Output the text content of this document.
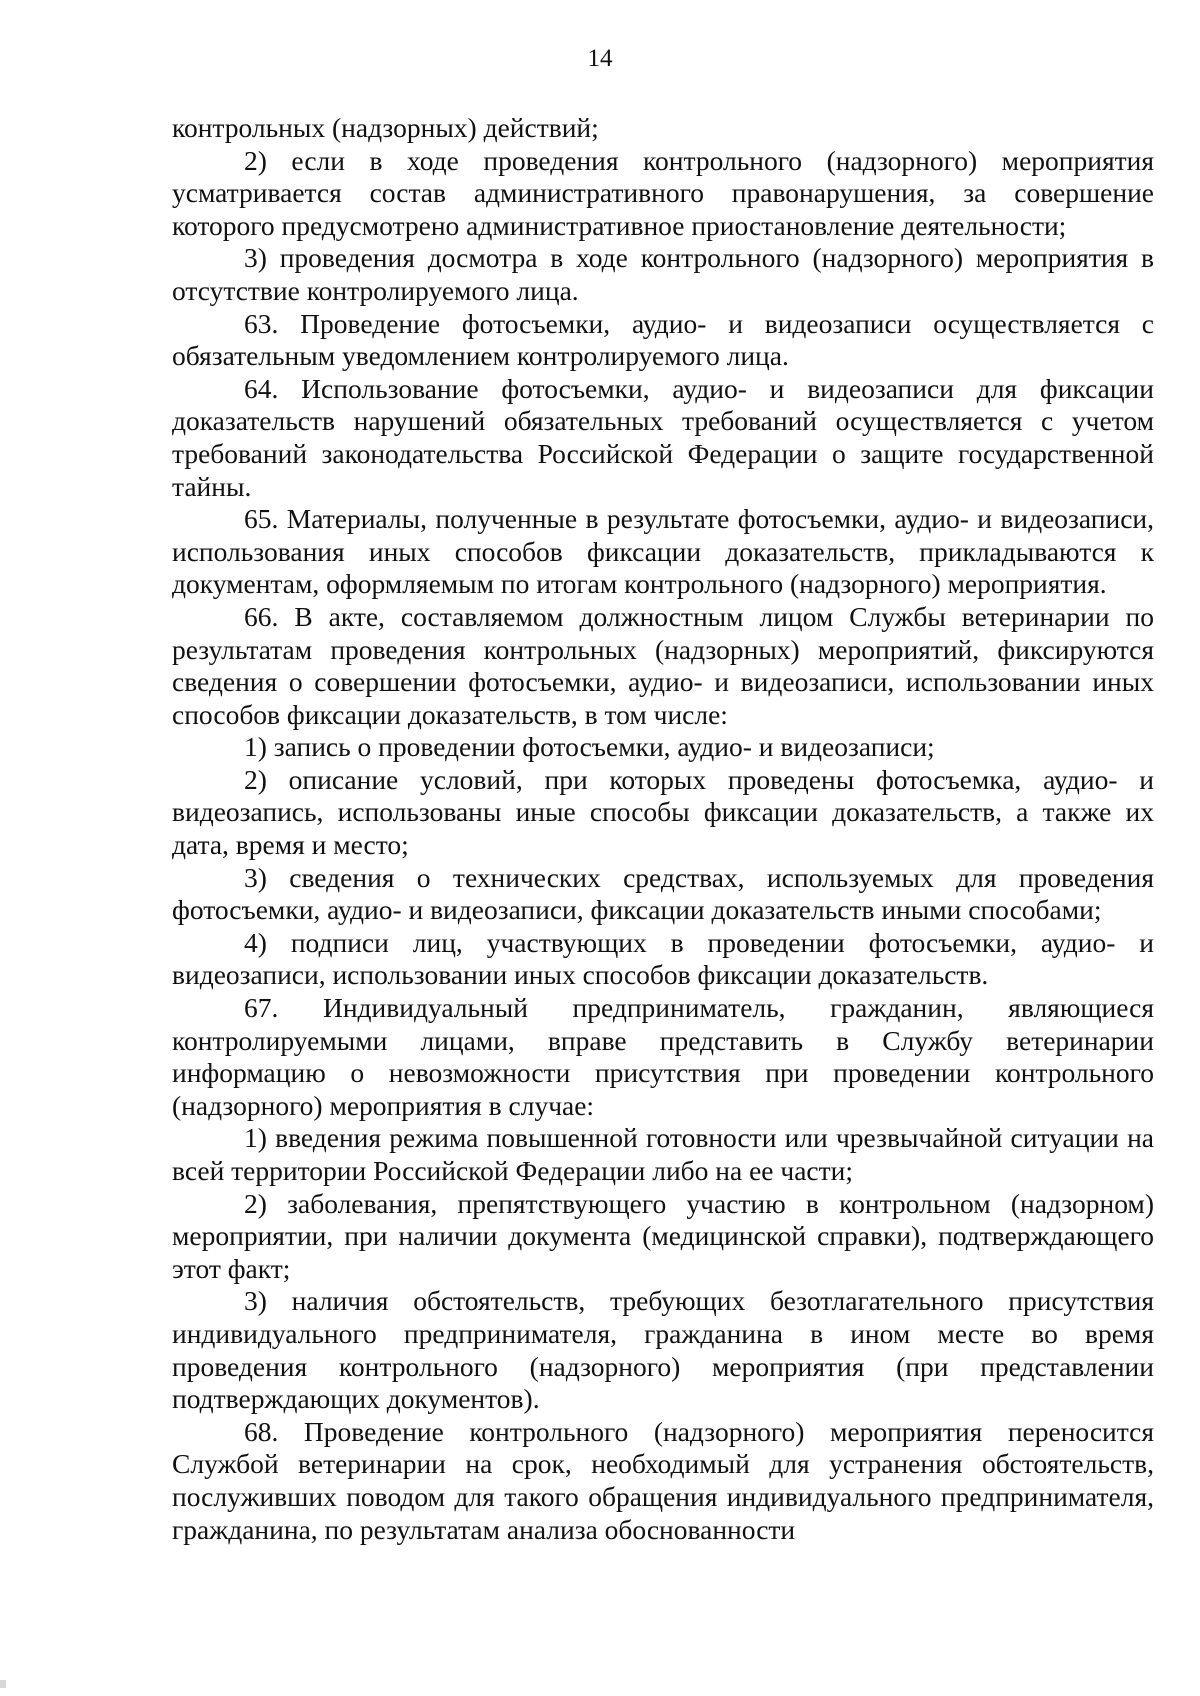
14

контрольных (надзорных) действий;

2) если в ходе проведения контрольного (надзорного) мероприятия усматривается состав административного правонарушения, за совершение которого предусмотрено административное приостановление деятельности;

3) проведения досмотра в ходе контрольного (надзорного) мероприятия в отсутствие контролируемого лица.

63. Проведение фотосъемки, аудио- и видеозаписи осуществляется с обязательным уведомлением контролируемого лица.

64. Использование фотосъемки, аудио- и видеозаписи для фиксации доказательств нарушений обязательных требований осуществляется с учетом требований законодательства Российской Федерации о защите государственной тайны.

65. Материалы, полученные в результате фотосъемки, аудио- и видеозаписи, использования иных способов фиксации доказательств, прикладываются к документам, оформляемым по итогам контрольного (надзорного) мероприятия.

66. В акте, составляемом должностным лицом Службы ветеринарии по результатам проведения контрольных (надзорных) мероприятий, фиксируются сведения о совершении фотосъемки, аудио- и видеозаписи, использовании иных способов фиксации доказательств, в том числе:

1) запись о проведении фотосъемки, аудио- и видеозаписи;

2) описание условий, при которых проведены фотосъемка, аудио- и видеозапись, использованы иные способы фиксации доказательств, а также их дата, время и место;

3) сведения о технических средствах, используемых для проведения фотосъемки, аудио- и видеозаписи, фиксации доказательств иными способами;

4) подписи лиц, участвующих в проведении фотосъемки, аудио- и видеозаписи, использовании иных способов фиксации доказательств.

67. Индивидуальный предприниматель, гражданин, являющиеся контролируемыми лицами, вправе представить в Службу ветеринарии информацию о невозможности присутствия при проведении контрольного (надзорного) мероприятия в случае:

1) введения режима повышенной готовности или чрезвычайной ситуации на всей территории Российской Федерации либо на ее части;

2) заболевания, препятствующего участию в контрольном (надзорном) мероприятии, при наличии документа (медицинской справки), подтверждающего этот факт;

3) наличия обстоятельств, требующих безотлагательного присутствия индивидуального предпринимателя, гражданина в ином месте во время проведения контрольного (надзорного) мероприятия (при представлении подтверждающих документов).

68. Проведение контрольного (надзорного) мероприятия переносится Службой ветеринарии на срок, необходимый для устранения обстоятельств, послуживших поводом для такого обращения индивидуального предпринимателя, гражданина, по результатам анализа обоснованности
